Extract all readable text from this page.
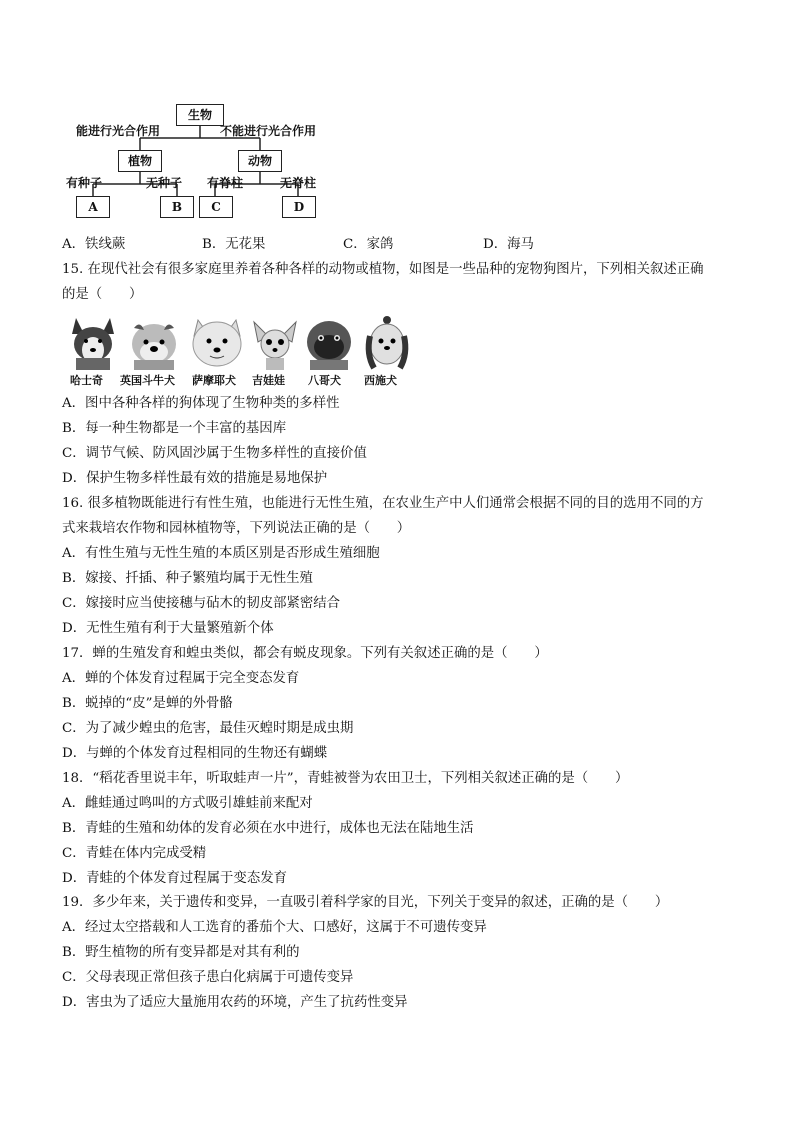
生物
能进行光合作用	不能进行光合作用
植物	动物
有种子	无种子 有脊柱	无脊柱
A	B	C	D
A．铁线蕨	B．无花果	C．家鸽	D．海马
15. 在现代社会有很多家庭里养着各种各样的动物或植物，如图是一些品种的宠物狗图片，下列相关叙述正确
的是（　　）
哈士奇 英国斗牛犬 萨摩耶犬 吉娃娃 八哥犬 西施犬
A．图中各种各样的狗体现了生物种类的多样性
B．每一种生物都是一个丰富的基因库
C．调节气候、防风固沙属于生物多样性的直接价值
D．保护生物多样性最有效的措施是易地保护
16. 很多植物既能进行有性生殖，也能进行无性生殖，在农业生产中人们通常会根据不同的目的选用不同的方
式来栽培农作物和园林植物等，下列说法正确的是（　　）
A．有性生殖与无性生殖的本质区别是否形成生殖细胞
B．嫁接、扦插、种子繁殖均属于无性生殖
C．嫁接时应当使接穗与砧木的韧皮部紧密结合
D．无性生殖有利于大量繁殖新个体
17．蝉的生殖发育和蝗虫类似，都会有蜕皮现象。下列有关叙述正确的是（　　）
A．蝉的个体发育过程属于完全变态发育
B．蜕掉的“皮”是蝉的外骨骼
C．为了减少蝗虫的危害，最佳灭蝗时期是成虫期
D．与蝉的个体发育过程相同的生物还有蝴蝶
18．“稻花香里说丰年，听取蛙声一片”，青蛙被誉为农田卫士，下列相关叙述正确的是（　　）
A．雌蛙通过鸣叫的方式吸引雄蛙前来配对
B．青蛙的生殖和幼体的发育必须在水中进行，成体也无法在陆地生活
C．青蛙在体内完成受精
D．青蛙的个体发育过程属于变态发育
19．多少年来，关于遗传和变异，一直吸引着科学家的目光，下列关于变异的叙述，正确的是（　　）
A．经过太空搭载和人工选育的番茄个大、口感好，这属于不可遗传变异
B．野生植物的所有变异都是对其有利的
C．父母表现正常但孩子患白化病属于可遗传变异
D．害虫为了适应大量施用农药的环境，产生了抗药性变异
